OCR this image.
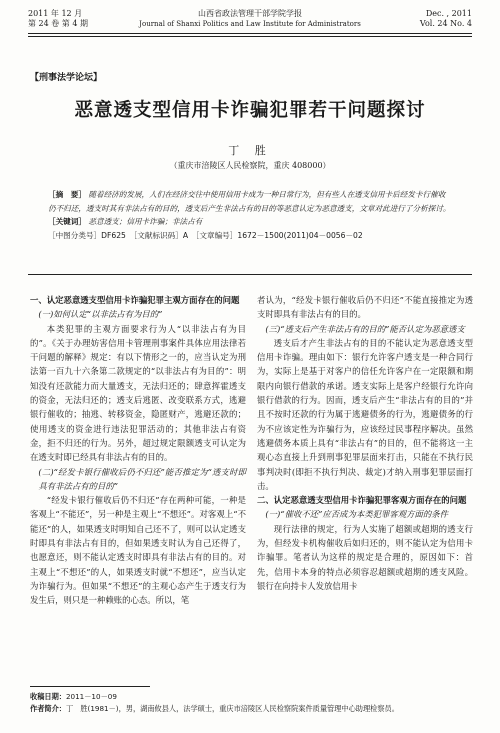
2011 年 12 月
第 24 卷 第 4 期
山西省政法管理干部学院学报
Journal of Shanxi Politics and Law Institute for Administrators
Dec. , 2011
Vol. 24 No. 4
【刑事法学论坛】
恶意透支型信用卡诈骗犯罪若干问题探讨
丁 胜
（重庆市涪陵区人民检察院，重庆 408000）

［摘　要］ 随着经济的发展，人们在经济交往中使用信用卡成为一种日常行为，但有些人在透支信用卡后经发卡行催收仍不归还，透支时其有非法占有的目的，透支后产生非法占有的目的等恶意认定为恶意透支，文章对此进行了分析探讨。

［关键词］ 恶意透支；信用卡诈骗；非法占有

［中图分类号］DF625　［文献标识码］A　［文章编号］1672－1500(2011)04－0056－02

一、认定恶意透支型信用卡诈骗犯罪主观方面存在的问题

(一)如何认定“以非法占有为目的”

本类犯罪的主观方面要求行为人“以非法占有为目的”。《关于办理妨害信用卡管理刑事案件具体应用法律若干问题的解释》规定：有以下情形之一的，应当认定为刑法第一百九十六条第二款规定的“以非法占有为目的”：明知没有还款能力而大量透支，无法归还的；肆意挥霍透支的资金，无法归还的；透支后逃匿、改变联系方式，逃避银行催收的；抽逃、转移资金，隐匿财产，逃避还款的；使用透支的资金进行违法犯罪活动的；其他非法占有资金，拒不归还的行为。另外，超过规定限额透支可认定为在透支时即已经具有非法占有的目的。

(二)“经发卡银行催收后仍不归还”能否推定为“透支时即具有非法占有的目的”

“经发卡银行催收后仍不归还”存在两种可能，一种是客观上“不能还”，另一种是主观上“不想还”。对客观上“不能还”的人，如果透支时明知自己还不了，则可以认定透支时即具有非法占有目的，但如果透支时认为自己还得了，也愿意还，则不能认定透支时即具有非法占有的目的。对主观上“不想还”的人，如果透支时就“不想还”，应当认定为诈骗行为。但如果“不想还”的主观心态产生于透支行为发生后，则只是一种赖账的心态。所以，笔

者认为，“经发卡银行催收后仍不归还”不能直接推定为透支时即具有非法占有的目的。

(三)“透支后产生非法占有的目的”能否认定为恶意透支

透支后才产生非法占有的目的不能认定为恶意透支型信用卡诈骗。理由如下：银行允许客户透支是一种合同行为，实际上是基于对客户的信任允许客户在一定限额和期限内向银行借款的承诺。透支实际上是客户经银行允许向银行借款的行为。因而，透支后产生“非法占有的目的”并且不按时还款的行为属于逃避债务的行为，逃避债务的行为不应该定性为诈骗行为，应该经过民事程序解决。虽然逃避债务本质上具有“非法占有”的目的，但不能将这一主观心态直接上升到刑事犯罪层面来打击，只能在不执行民事判决时(即拒不执行判决、裁定)才纳入刑事犯罪层面打击。

二、认定恶意透支型信用卡诈骗犯罪客观方面存在的问题

(一)“催收不还”应否成为本类犯罪客观方面的条件

现行法律的规定，行为人实施了超额或超期的透支行为，但经发卡机构催收后如归还的，则不能认定为信用卡诈骗罪。笔者认为这样的规定是合理的，原因如下：首先，信用卡本身的特点必须容忍超额或超期的透支风险。银行在向持卡人发放信用卡

收稿日期：2011－10－09
作者简介：丁　胜(1981－)，男，湖南攸县人，法学硕士，重庆市涪陵区人民检察院案件质量管理中心助理检察员。
